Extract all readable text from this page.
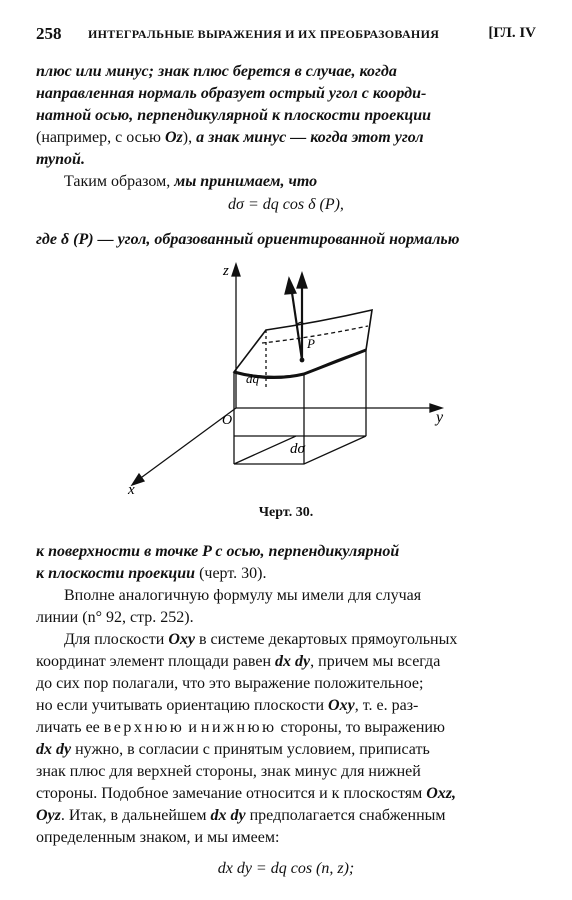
258 ИНТЕГРАЛЬНЫЕ ВЫРАЖЕНИЯ И ИХ ПРЕОБРАЗОВАНИЯ	[ГЛ. IV
плюс или минус; знак плюс берется в случае, когда
направленная нормаль образует острый угол с коорди-
натной осью, перпендикулярной к плоскости проекции
(например, с осью Oz), а знак минус — когда этот угол
тупой.
Таким образом, мы принимаем, что
dσ = dq cos δ (P),
где δ (P) — угол, образованный ориентированной нормалью
z
y
x
O
P
dq
dσ
Черт. 30.
к поверхности в точке P с осью, перпендикулярной
к плоскости проекции (черт. 30).
Вполне аналогичную формулу мы имели для случая
линии (n° 92, стр. 252).
Для плоскости Oxy в системе декартовых прямоугольных
координат элемент площади равен dx dy, причем мы всегда
до сих пор полагали, что это выражение положительное;
но если учитывать ориентацию плоскости Oxy, т. е. раз-
личать ее верхнюю и нижнюю стороны, то выражению
dx dy нужно, в согласии с принятым условием, приписать
знак плюс для верхней стороны, знак минус для нижней
стороны. Подобное замечание относится и к плоскостям Oxz,
Oyz. Итак, в дальнейшем dx dy предполагается снабженным
определенным знаком, и мы имеем:
dx dy = dq cos (n, z);
